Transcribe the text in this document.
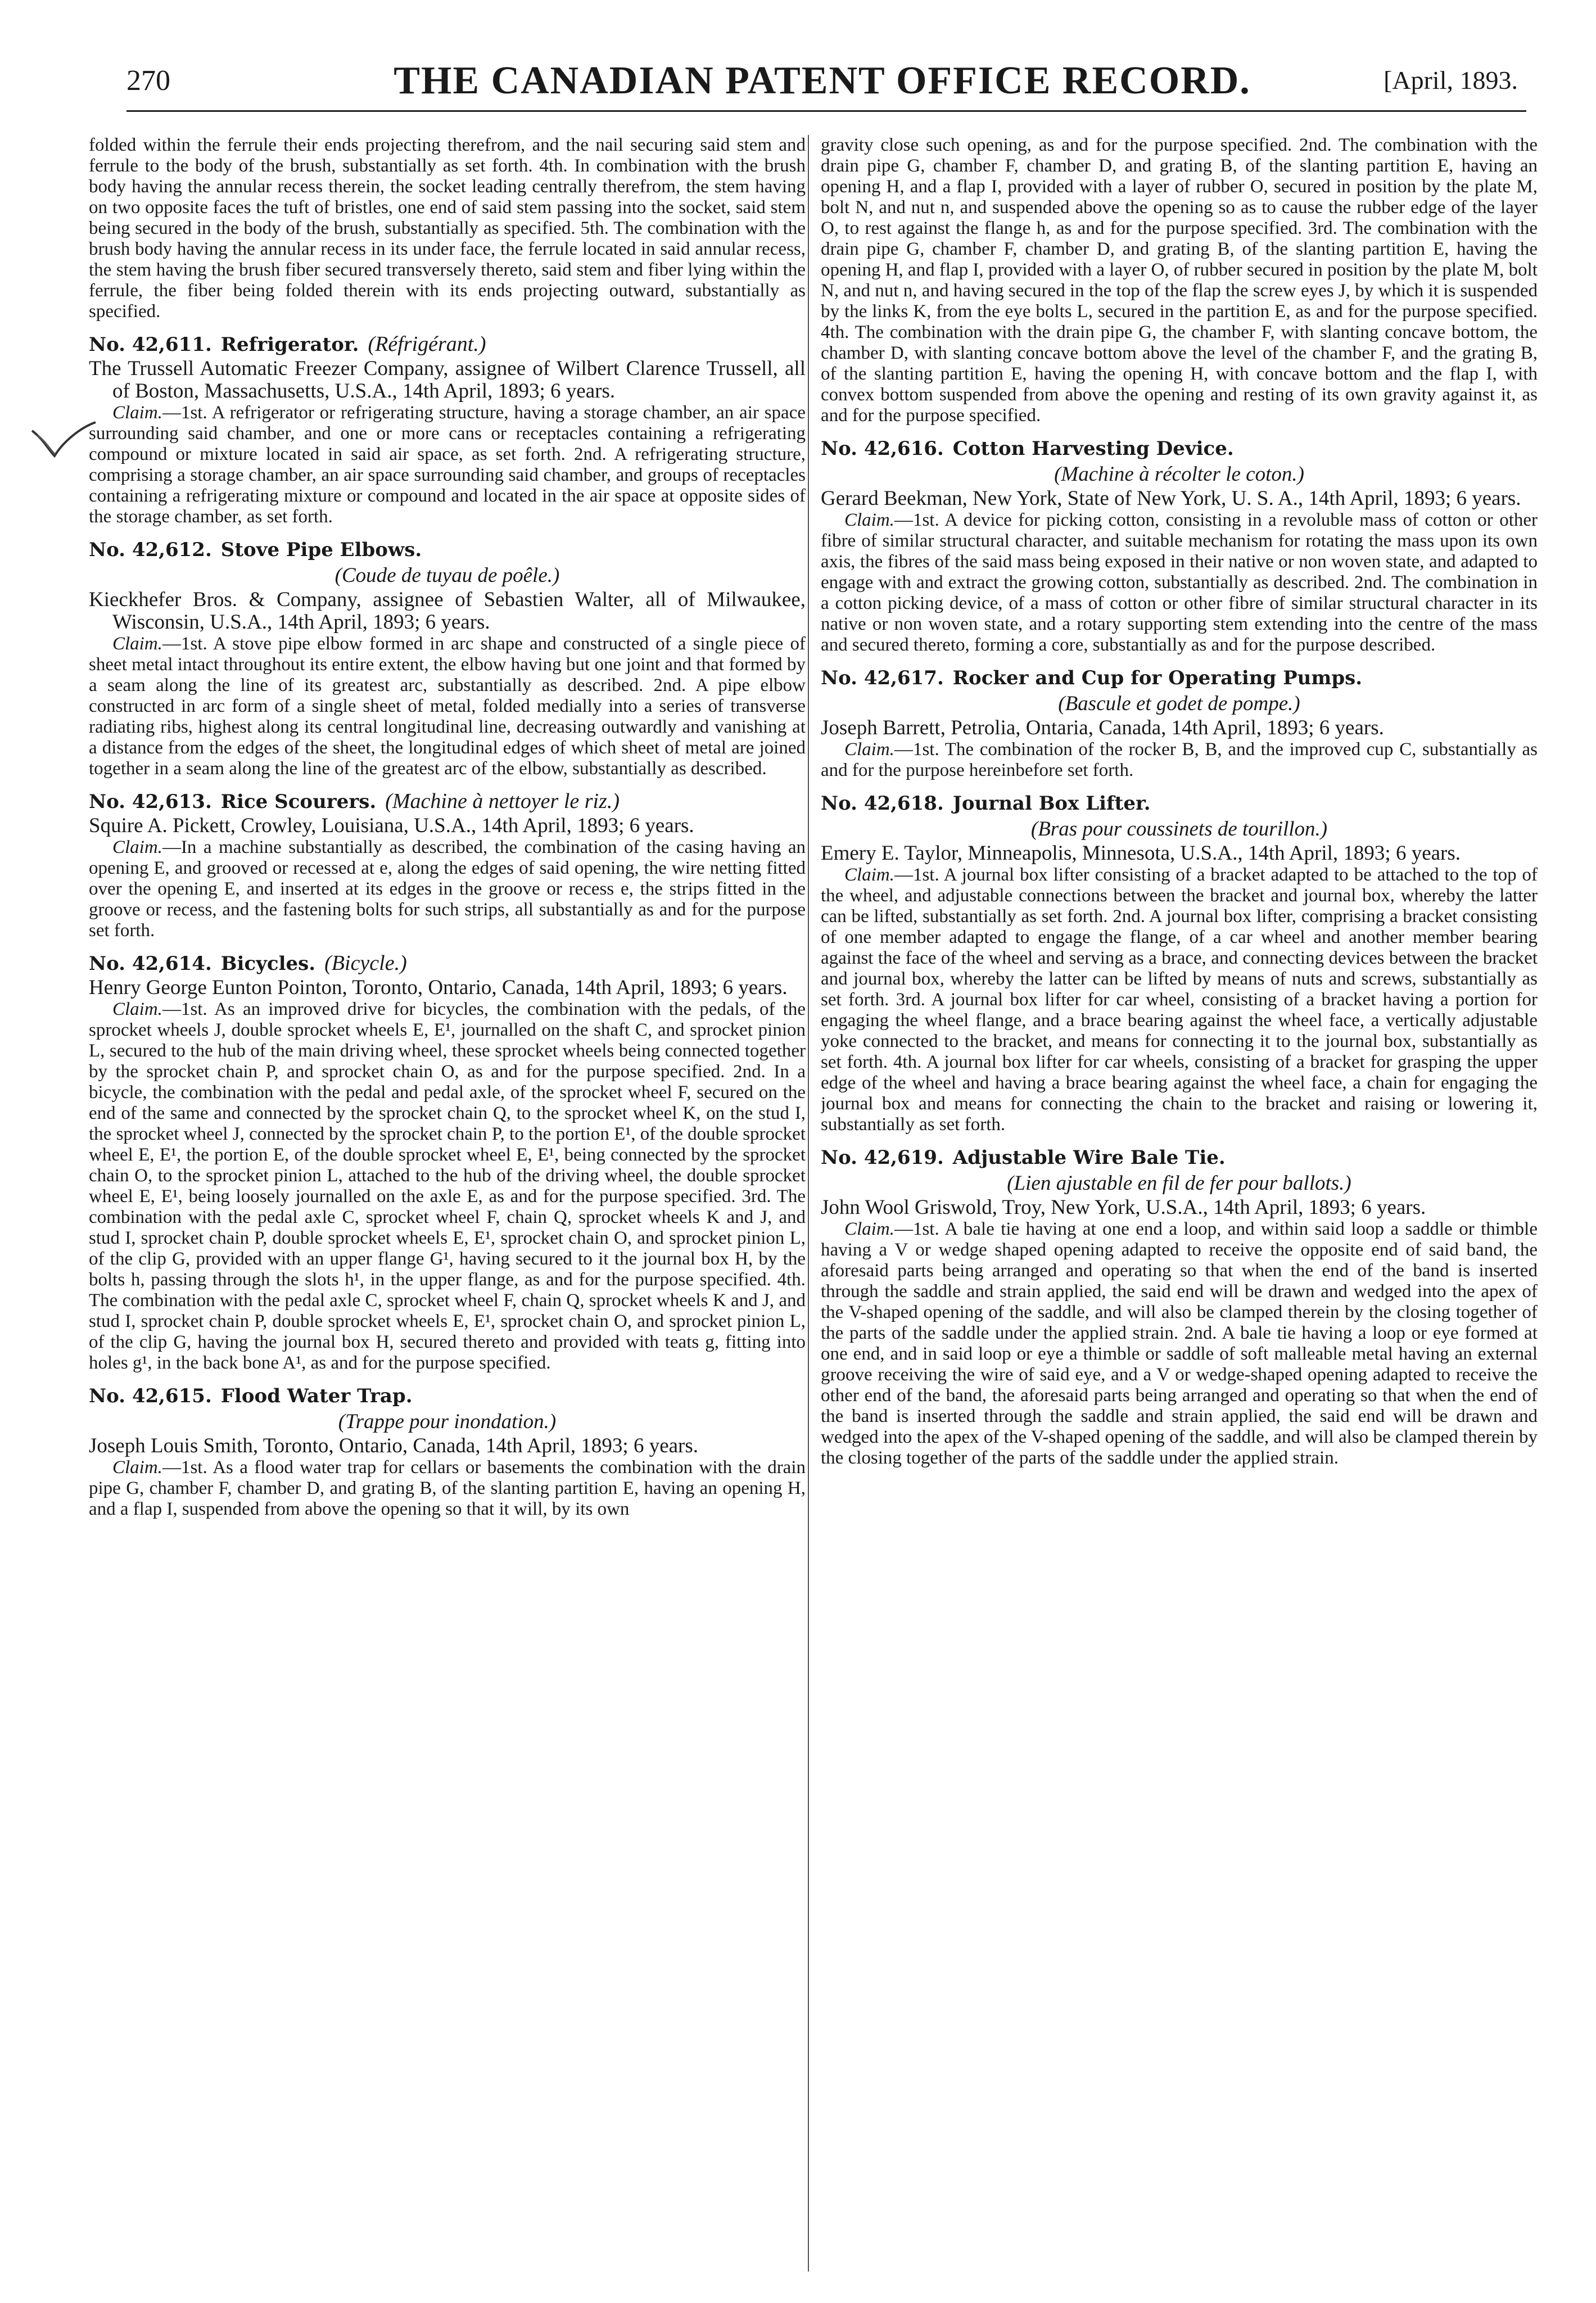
270	THE CANADIAN PATENT OFFICE RECORD.	[April, 1893.

folded within the ferrule their ends projecting therefrom, and the nail securing said stem and ferrule to the body of the brush, substantially as set forth. 4th. In combination with the brush body having the annular recess therein, the socket leading centrally therefrom, the stem having on two opposite faces the tuft of bristles, one end of said stem passing into the socket, said stem being secured in the body of the brush, substantially as specified. 5th. The combination with the brush body having the annular recess in its under face, the ferrule located in said annular recess, the stem having the brush fiber secured transversely thereto, said stem and fiber lying within the ferrule, the fiber being folded therein with its ends projecting outward, substantially as specified.

No. 42,611. Refrigerator. (Réfrigérant.)

The Trussell Automatic Freezer Company, assignee of Wilbert Clarence Trussell, all of Boston, Massachusetts, U.S.A., 14th April, 1893; 6 years.

Claim.—1st. A refrigerator or refrigerating structure, having a storage chamber, an air space surrounding said chamber, and one or more cans or receptacles containing a refrigerating compound or mixture located in said air space, as set forth. 2nd. A refrigerating structure, comprising a storage chamber, an air space surrounding said chamber, and groups of receptacles containing a refrigerating mixture or compound and located in the air space at opposite sides of the storage chamber, as set forth.

No. 42,612. Stove Pipe Elbows.

(Coude de tuyau de poêle.)

Kieckhefer Bros. & Company, assignee of Sebastien Walter, all of Milwaukee, Wisconsin, U.S.A., 14th April, 1893; 6 years.

Claim.—1st. A stove pipe elbow formed in arc shape and constructed of a single piece of sheet metal intact throughout its entire extent, the elbow having but one joint and that formed by a seam along the line of its greatest arc, substantially as described. 2nd. A pipe elbow constructed in arc form of a single sheet of metal, folded medially into a series of transverse radiating ribs, highest along its central longitudinal line, decreasing outwardly and vanishing at a distance from the edges of the sheet, the longitudinal edges of which sheet of metal are joined together in a seam along the line of the greatest arc of the elbow, substantially as described.

No. 42,613. Rice Scourers. (Machine à nettoyer le riz.)

Squire A. Pickett, Crowley, Louisiana, U.S.A., 14th April, 1893; 6 years.

Claim.—In a machine substantially as described, the combination of the casing having an opening E, and grooved or recessed at e, along the edges of said opening, the wire netting fitted over the opening E, and inserted at its edges in the groove or recess e, the strips fitted in the groove or recess, and the fastening bolts for such strips, all substantially as and for the purpose set forth.

No. 42,614. Bicycles. (Bicycle.)

Henry George Eunton Pointon, Toronto, Ontario, Canada, 14th April, 1893; 6 years.

Claim.—1st. As an improved drive for bicycles, the combination with the pedals, of the sprocket wheels J, double sprocket wheels E, E¹, journalled on the shaft C, and sprocket pinion L, secured to the hub of the main driving wheel, these sprocket wheels being connected together by the sprocket chain P, and sprocket chain O, as and for the purpose specified. 2nd. In a bicycle, the combination with the pedal and pedal axle, of the sprocket wheel F, secured on the end of the same and connected by the sprocket chain Q, to the sprocket wheel K, on the stud I, the sprocket wheel J, connected by the sprocket chain P, to the portion E¹, of the double sprocket wheel E, E¹, the portion E, of the double sprocket wheel E, E¹, being connected by the sprocket chain O, to the sprocket pinion L, attached to the hub of the driving wheel, the double sprocket wheel E, E¹, being loosely journalled on the axle E, as and for the purpose specified. 3rd. The combination with the pedal axle C, sprocket wheel F, chain Q, sprocket wheels K and J, and stud I, sprocket chain P, double sprocket wheels E, E¹, sprocket chain O, and sprocket pinion L, of the clip G, provided with an upper flange G¹, having secured to it the journal box H, by the bolts h, passing through the slots h¹, in the upper flange, as and for the purpose specified. 4th. The combination with the pedal axle C, sprocket wheel F, chain Q, sprocket wheels K and J, and stud I, sprocket chain P, double sprocket wheels E, E¹, sprocket chain O, and sprocket pinion L, of the clip G, having the journal box H, secured thereto and provided with teats g, fitting into holes g¹, in the back bone A¹, as and for the purpose specified.

No. 42,615. Flood Water Trap.

(Trappe pour inondation.)

Joseph Louis Smith, Toronto, Ontario, Canada, 14th April, 1893; 6 years.

Claim.—1st. As a flood water trap for cellars or basements the combination with the drain pipe G, chamber F, chamber D, and grating B, of the slanting partition E, having an opening H, and a flap I, suspended from above the opening so that it will, by its own

gravity close such opening, as and for the purpose specified. 2nd. The combination with the drain pipe G, chamber F, chamber D, and grating B, of the slanting partition E, having an opening H, and a flap I, provided with a layer of rubber O, secured in position by the plate M, bolt N, and nut n, and suspended above the opening so as to cause the rubber edge of the layer O, to rest against the flange h, as and for the purpose specified. 3rd. The combination with the drain pipe G, chamber F, chamber D, and grating B, of the slanting partition E, having the opening H, and flap I, provided with a layer O, of rubber secured in position by the plate M, bolt N, and nut n, and having secured in the top of the flap the screw eyes J, by which it is suspended by the links K, from the eye bolts L, secured in the partition E, as and for the purpose specified. 4th. The combination with the drain pipe G, the chamber F, with slanting concave bottom, the chamber D, with slanting concave bottom above the level of the chamber F, and the grating B, of the slanting partition E, having the opening H, with concave bottom and the flap I, with convex bottom suspended from above the opening and resting of its own gravity against it, as and for the purpose specified.

No. 42,616. Cotton Harvesting Device.

(Machine à récolter le coton.)

Gerard Beekman, New York, State of New York, U. S. A., 14th April, 1893; 6 years.

Claim.—1st. A device for picking cotton, consisting in a revoluble mass of cotton or other fibre of similar structural character, and suitable mechanism for rotating the mass upon its own axis, the fibres of the said mass being exposed in their native or non woven state, and adapted to engage with and extract the growing cotton, substantially as described. 2nd. The combination in a cotton picking device, of a mass of cotton or other fibre of similar structural character in its native or non woven state, and a rotary supporting stem extending into the centre of the mass and secured thereto, forming a core, substantially as and for the purpose described.

No. 42,617. Rocker and Cup for Operating Pumps.

(Bascule et godet de pompe.)

Joseph Barrett, Petrolia, Ontaria, Canada, 14th April, 1893; 6 years.

Claim.—1st. The combination of the rocker B, B, and the improved cup C, substantially as and for the purpose hereinbefore set forth.

No. 42,618. Journal Box Lifter.

(Bras pour coussinets de tourillon.)

Emery E. Taylor, Minneapolis, Minnesota, U.S.A., 14th April, 1893; 6 years.

Claim.—1st. A journal box lifter consisting of a bracket adapted to be attached to the top of the wheel, and adjustable connections between the bracket and journal box, whereby the latter can be lifted, substantially as set forth. 2nd. A journal box lifter, comprising a bracket consisting of one member adapted to engage the flange, of a car wheel and another member bearing against the face of the wheel and serving as a brace, and connecting devices between the bracket and journal box, whereby the latter can be lifted by means of nuts and screws, substantially as set forth. 3rd. A journal box lifter for car wheel, consisting of a bracket having a portion for engaging the wheel flange, and a brace bearing against the wheel face, a vertically adjustable yoke connected to the bracket, and means for connecting it to the journal box, substantially as set forth. 4th. A journal box lifter for car wheels, consisting of a bracket for grasping the upper edge of the wheel and having a brace bearing against the wheel face, a chain for engaging the journal box and means for connecting the chain to the bracket and raising or lowering it, substantially as set forth.

No. 42,619. Adjustable Wire Bale Tie.

(Lien ajustable en fil de fer pour ballots.)

John Wool Griswold, Troy, New York, U.S.A., 14th April, 1893; 6 years.

Claim.—1st. A bale tie having at one end a loop, and within said loop a saddle or thimble having a V or wedge shaped opening adapted to receive the opposite end of said band, the aforesaid parts being arranged and operating so that when the end of the band is inserted through the saddle and strain applied, the said end will be drawn and wedged into the apex of the V-shaped opening of the saddle, and will also be clamped therein by the closing together of the parts of the saddle under the applied strain. 2nd. A bale tie having a loop or eye formed at one end, and in said loop or eye a thimble or saddle of soft malleable metal having an external groove receiving the wire of said eye, and a V or wedge-shaped opening adapted to receive the other end of the band, the aforesaid parts being arranged and operating so that when the end of the band is inserted through the saddle and strain applied, the said end will be drawn and wedged into the apex of the V-shaped opening of the saddle, and will also be clamped therein by the closing together of the parts of the saddle under the applied strain.
